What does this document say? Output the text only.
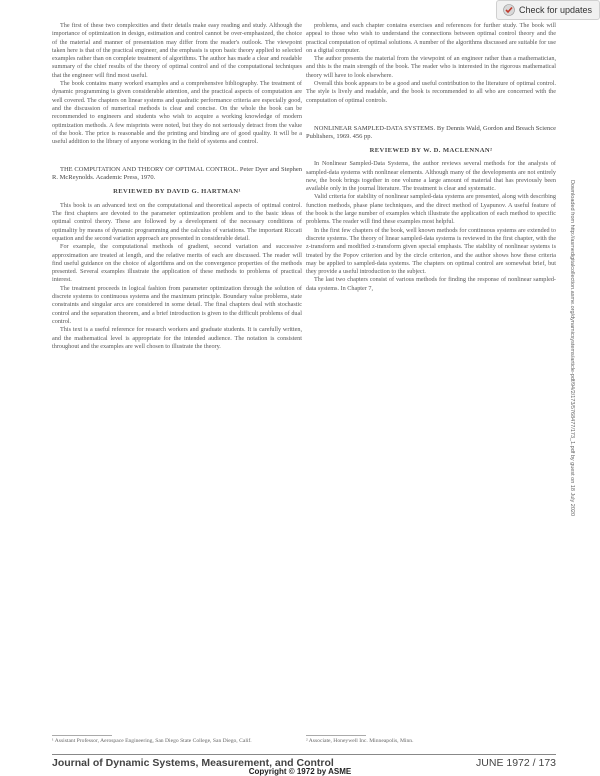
Check for updates
Downloaded from http://asmedigitalcollection.asme.org/dynamicsystems/article-pdf/94/2/173/5768477/173_1.pdf by guest on 18 July 2020

The first of these two complexities and their details make easy reading and study. Although the importance of optimization in design, estimation and control cannot be over-emphasized, the choice of the material and manner of presentation may differ from the reader's outlook. The viewpoint taken here is that of the practical engineer, and the emphasis is upon basic theory applied to selected examples rather than on complete treatment of algorithms. The author has made a clear and readable summary of the chief results of the theory of optimal control and of the computational techniques that the engineer will find most useful.

The book contains many worked examples and a comprehensive bibliography. The treatment of dynamic programming is given considerable attention, and the practical aspects of computation are well covered. The chapters on linear systems and quadratic performance criteria are especially good, and the discussion of numerical methods is clear and concise. On the whole the book can be recommended to engineers and students who wish to acquire a working knowledge of modern optimization methods. A few misprints were noted, but they do not seriously detract from the value of the book. The price is reasonable and the printing and binding are of good quality. It will be a useful addition to the library of anyone working in the field of systems and control.

THE COMPUTATION AND THEORY OF OPTIMAL CONTROL. Peter Dyer and Stephen R. McReynolds. Academic Press, 1970.

REVIEWED BY DAVID G. HARTMAN¹

This book is an advanced text on the computational and theoretical aspects of optimal control. The first chapters are devoted to the parameter optimization problem and to the basic ideas of optimal control theory. These are followed by a development of the necessary conditions of optimality by means of dynamic programming and the calculus of variations. The important Riccati equation and the second variation approach are presented in considerable detail.

For example, the computational methods of gradient, second variation and successive approximation are treated at length, and the relative merits of each are discussed. The reader will find useful guidance on the choice of algorithms and on the convergence properties of the methods presented. Several examples illustrate the application of these methods to problems of practical interest.

The treatment proceeds in logical fashion from parameter optimization through the solution of discrete systems to continuous systems and the maximum principle. Boundary value problems, state constraints and singular arcs are considered in some detail. The final chapters deal with stochastic control and the separation theorem, and a brief introduction is given to the difficult problems of dual control.

This text is a useful reference for research workers and graduate students. It is carefully written, and the mathematical level is appropriate for the intended audience. The notation is consistent throughout and the examples are well chosen to illustrate the theory.

problems, and each chapter contains exercises and references for further study. The book will appeal to those who wish to understand the connections between optimal control theory and the practical computation of optimal solutions. A number of the algorithms discussed are suitable for use on a digital computer.

The author presents the material from the viewpoint of an engineer rather than a mathematician, and this is the main strength of the book. The reader who is interested in the rigorous mathematical theory will have to look elsewhere.

Overall this book appears to be a good and useful contribution to the literature of optimal control. The style is lively and readable, and the book is recommended to all who are concerned with the computation of optimal controls.

NONLINEAR SAMPLED-DATA SYSTEMS. By Dennis Wald, Gordon and Breach Science Publishers, 1969. 456 pp.

REVIEWED BY W. D. MACLENNAN²

In Nonlinear Sampled-Data Systems, the author reviews several methods for the analysis of sampled-data systems with nonlinear elements. Although many of the developments are not entirely new, the book brings together in one volume a large amount of material that has previously been available only in the journal literature. The treatment is clear and systematic.

Valid criteria for stability of nonlinear sampled-data systems are presented, along with describing function methods, phase plane techniques, and the direct method of Lyapunov. A useful feature of the book is the large number of examples which illustrate the application of each method to specific problems. The reader will find these examples most helpful.

In the first few chapters of the book, well known methods for continuous systems are extended to discrete systems. The theory of linear sampled-data systems is reviewed in the first chapter, with the z-transform and modified z-transform given special emphasis. The stability of nonlinear systems is treated by the Popov criterion and by the circle criterion, and the author shows how these criteria may be applied to sampled-data systems. The chapters on optimal control are somewhat brief, but they provide a useful introduction to the subject.

The last two chapters consist of various methods for finding the response of nonlinear sampled-data systems. In Chapter 7,

¹ Assistant Professor, Aerospace Engineering, San Diego State College, San Diego, Calif.	² Associate, Honeywell Inc. Minneapolis, Minn.
Journal of Dynamic Systems, Measurement, and Control	JUNE 1972 / 173
Copyright © 1972 by ASME
